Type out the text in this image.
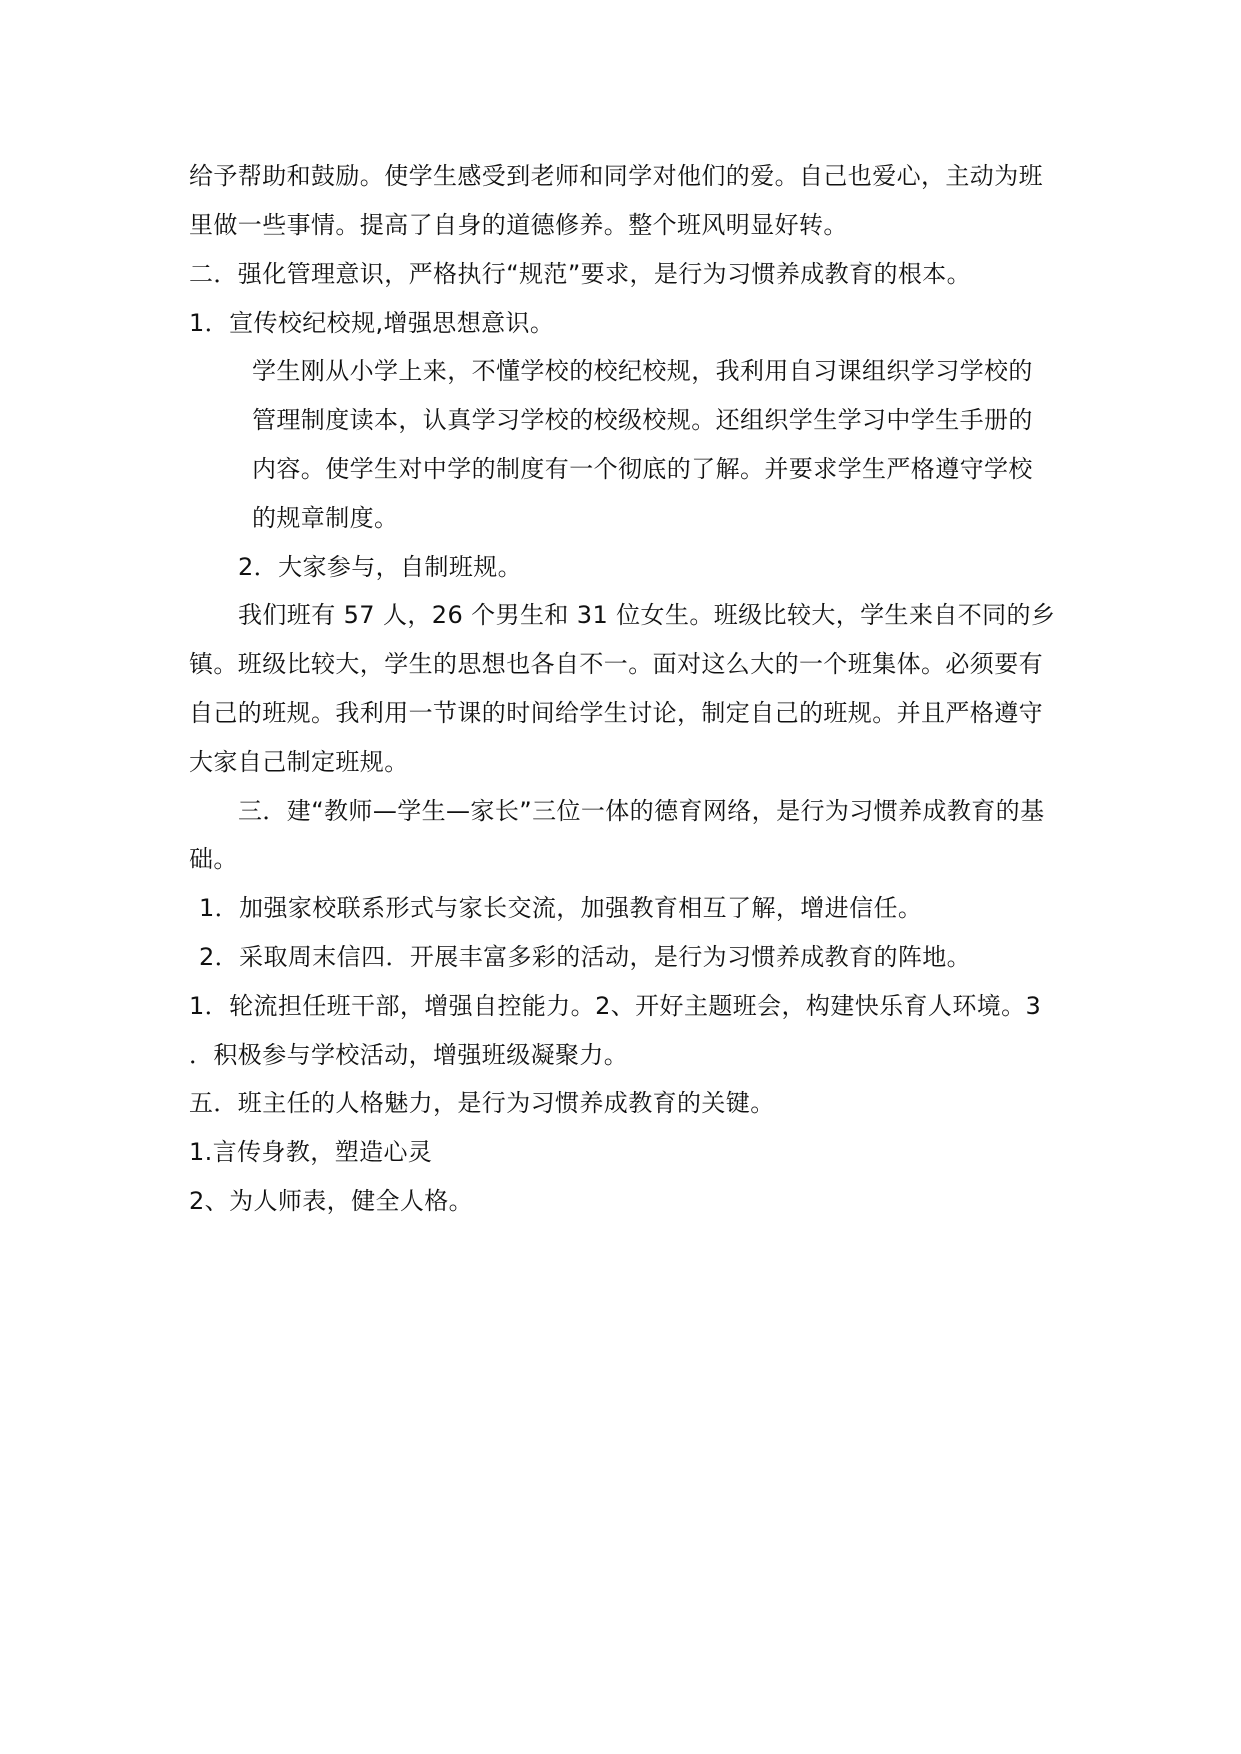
给予帮助和鼓励。使学生感受到老师和同学对他们的爱。自己也爱心，主动为班
里做一些事情。提高了自身的道德修养。整个班风明显好转。
二．强化管理意识，严格执行“规范”要求，是行为习惯养成教育的根本。
1．宣传校纪校规,增强思想意识。
学生刚从小学上来，不懂学校的校纪校规，我利用自习课组织学习学校的
管理制度读本，认真学习学校的校级校规。还组织学生学习中学生手册的
内容。使学生对中学的制度有一个彻底的了解。并要求学生严格遵守学校
的规章制度。
2．大家参与，自制班规。
我们班有 57 人，26 个男生和 31 位女生。班级比较大，学生来自不同的乡
镇。班级比较大，学生的思想也各自不一。面对这么大的一个班集体。必须要有
自己的班规。我利用一节课的时间给学生讨论，制定自己的班规。并且严格遵守
大家自己制定班规。
三．建“教师—学生—家长”三位一体的德育网络，是行为习惯养成教育的基
础。
1．加强家校联系形式与家长交流，加强教育相互了解，增进信任。
2．采取周末信四．开展丰富多彩的活动，是行为习惯养成教育的阵地。
1．轮流担任班干部，增强自控能力。2、开好主题班会，构建快乐育人环境。3
．积极参与学校活动，增强班级凝聚力。
五．班主任的人格魅力，是行为习惯养成教育的关键。
1.言传身教，塑造心灵
2、为人师表，健全人格。
